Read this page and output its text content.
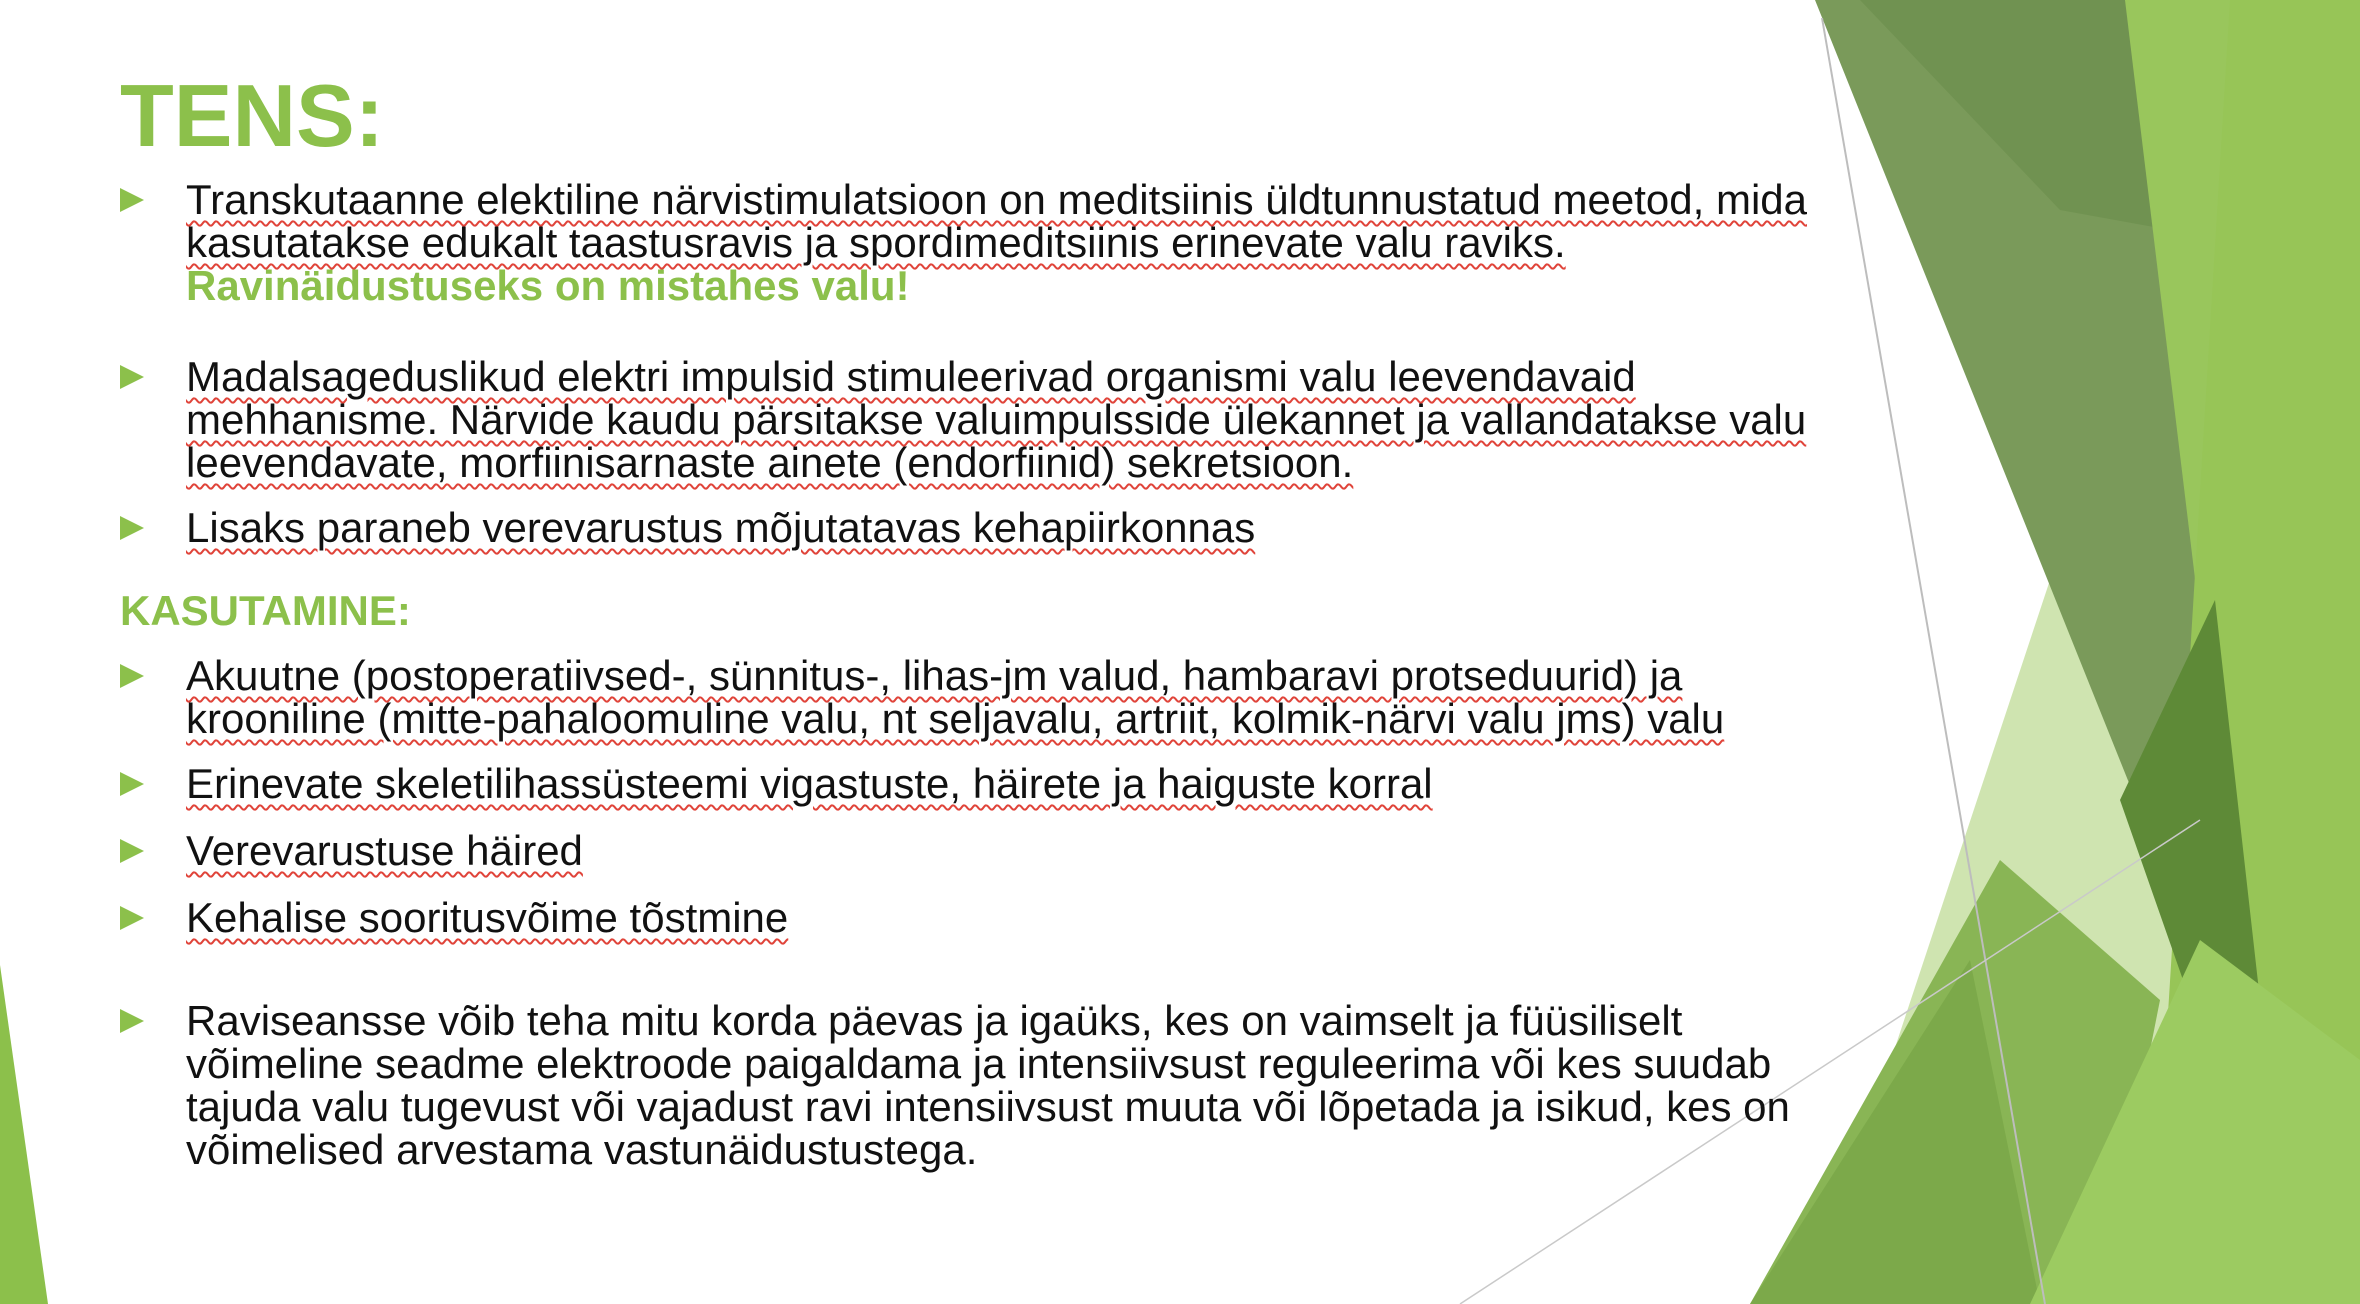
TENS:
Transkutaanne elektiline närvistimulatsioon on meditsiinis üldtunnustatud meetod, mida kasutatakse edukalt taastusravis ja spordimeditsiinis erinevate valu raviks.
Ravinäidustuseks on mistahes valu!
Madalsageduslikud elektri impulsid stimuleerivad organismi valu leevendavaid mehhanisme. Närvide kaudu pärsitakse valuimpulsside ülekannet ja vallandatakse valu leevendavate, morfiinisarnaste ainete (endorfiinid) sekretsioon.
Lisaks paraneb verevarustus mõjutatavas kehapiirkonnas
KASUTAMINE:
Akuutne (postoperatiivsed-, sünnitus-, lihas-jm valud, hambaravi protseduurid) ja krooniline (mitte-pahaloomuline valu, nt seljavalu, artriit, kolmik-närvi valu jms) valu
Erinevate skeletilihassüsteemi vigastuste, häirete ja haiguste korral
Verevarustuse häired
Kehalise sooritusvõime tõstmine
Raviseansse võib teha mitu korda päevas ja igaüks, kes on vaimselt ja füüsiliselt võimeline seadme elektroode paigaldama ja intensiivsust reguleerima või kes suudab tajuda valu tugevust või vajadust ravi intensiivsust muuta või lõpetada ja isikud, kes on võimelised arvestama vastunäidustustega.
